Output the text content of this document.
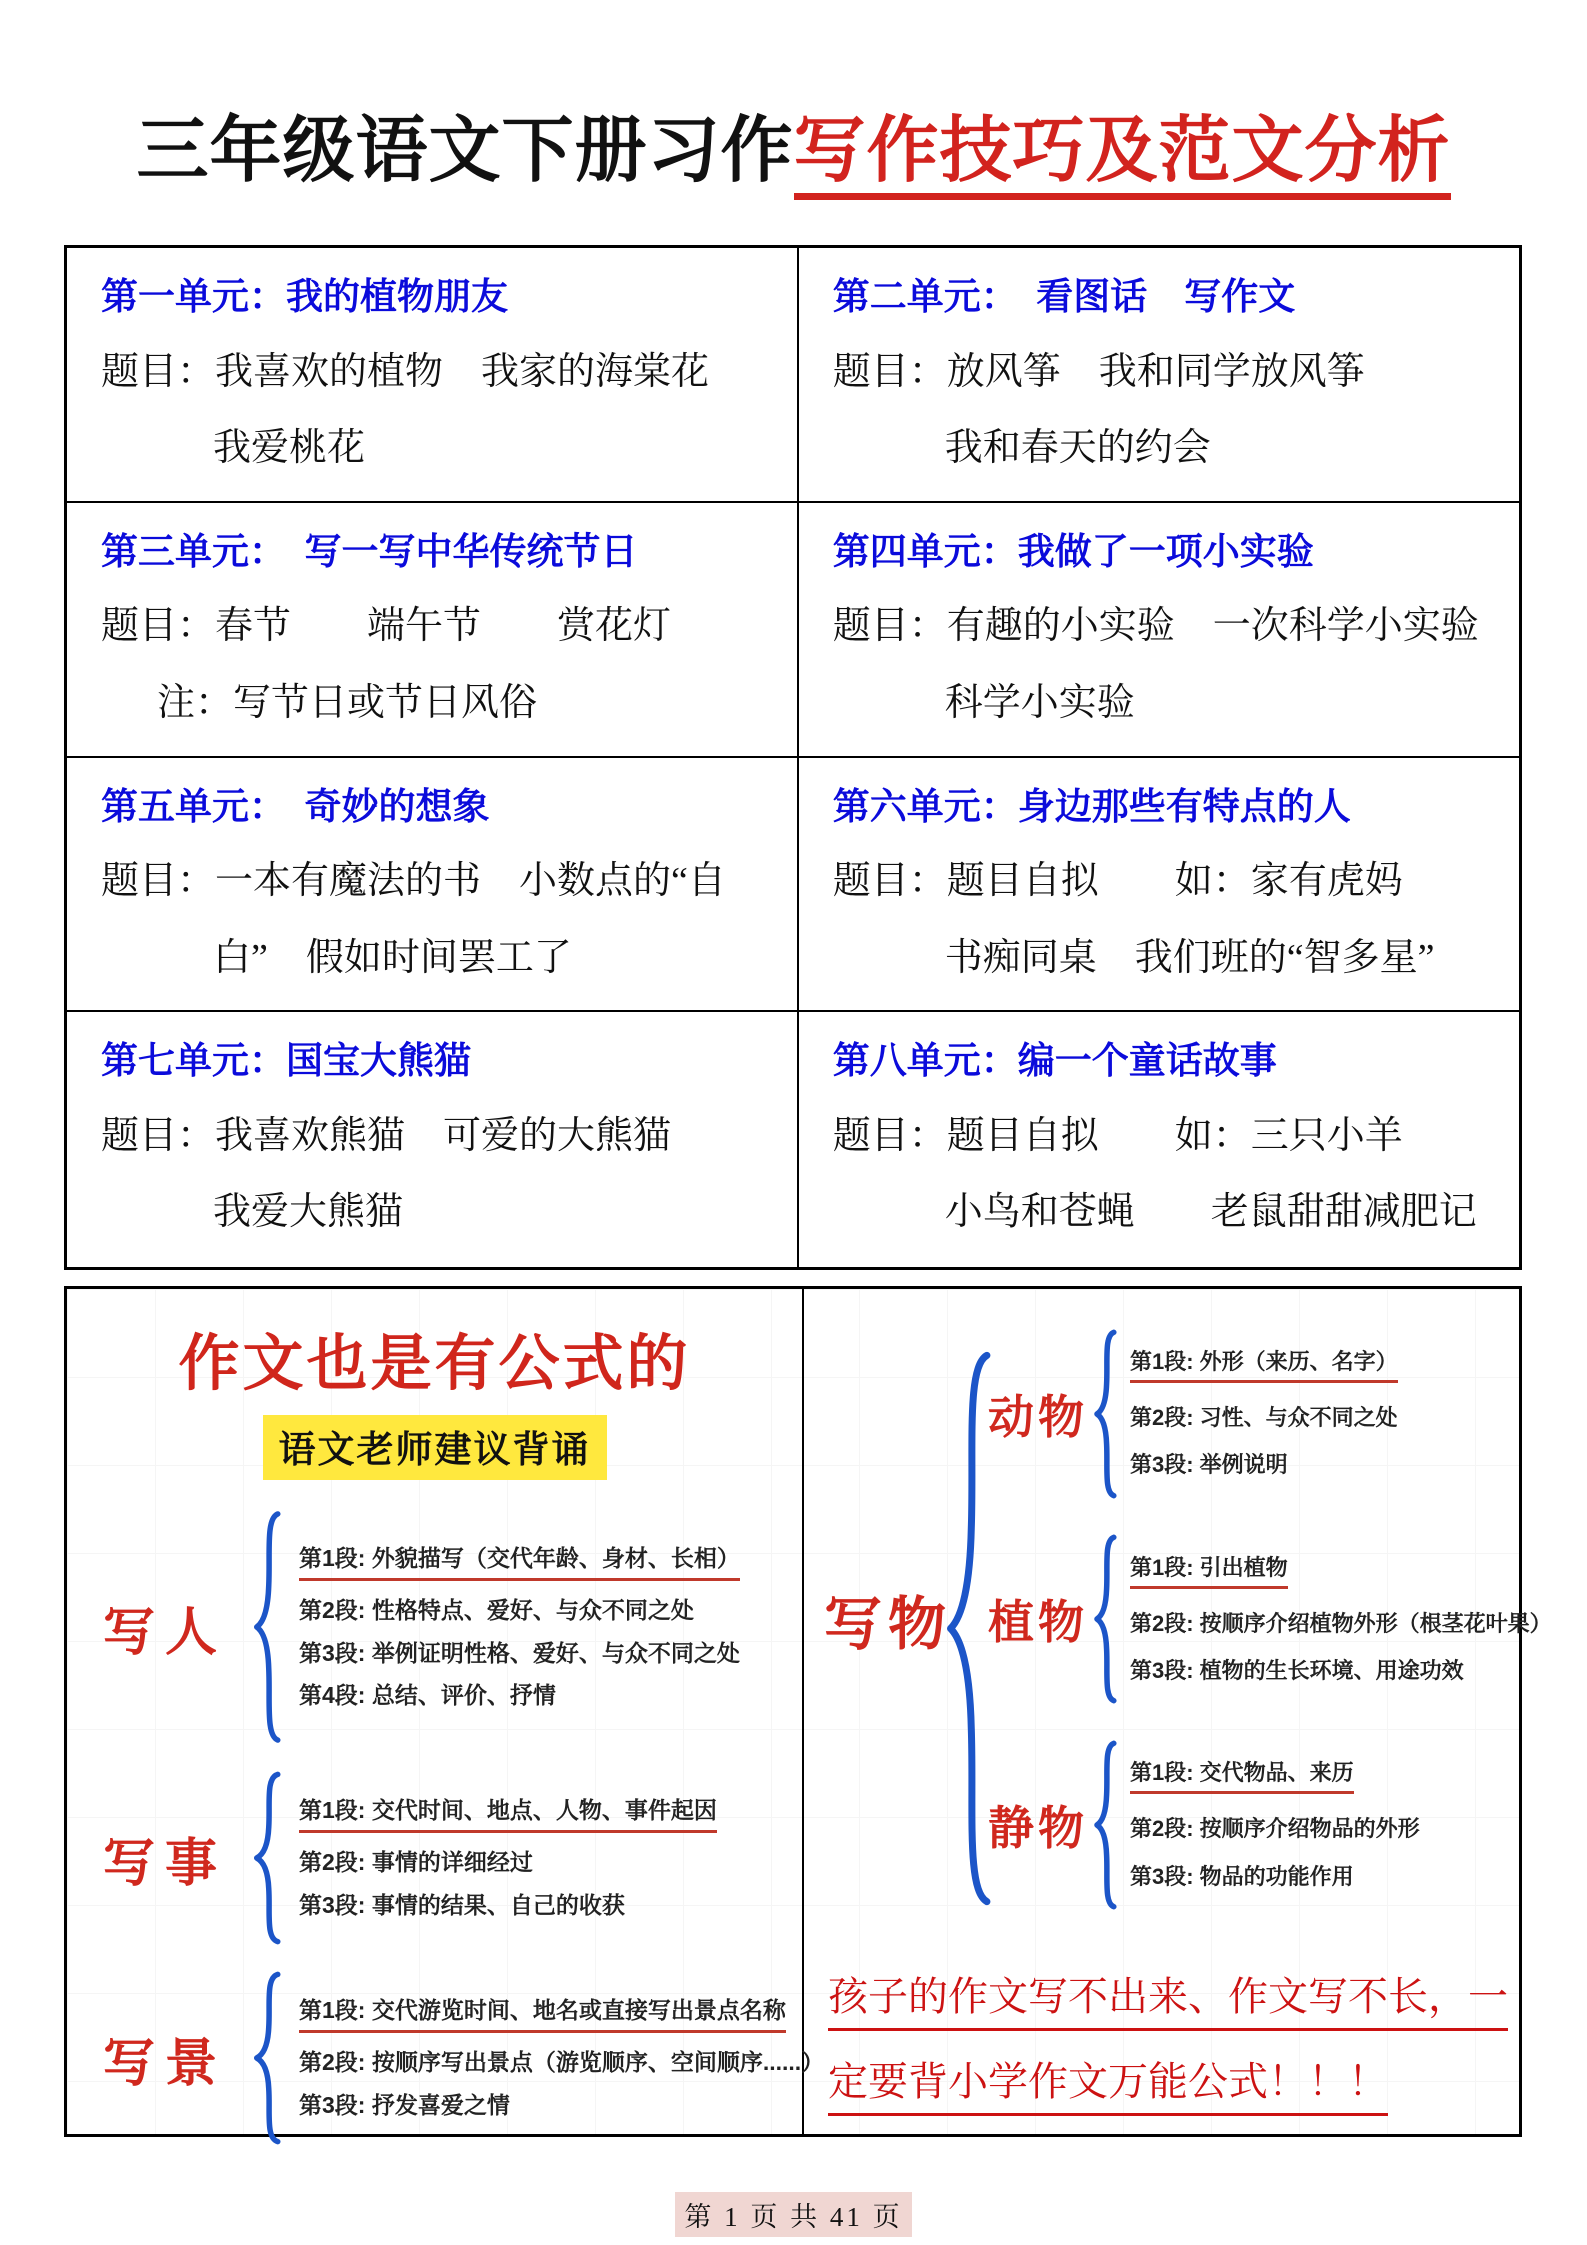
三年级语文下册习作写作技巧及范文分析
第一单元：我的植物朋友
题目：我喜欢的植物　我家的海棠花
我爱桃花
第二单元：　看图话　写作文
题目：放风筝　我和同学放风筝
我和春天的约会
第三单元：　写一写中华传统节日
题目：春节　　端午节　　赏花灯
注：写节日或节日风俗
第四单元：我做了一项小实验
题目：有趣的小实验　一次科学小实验
科学小实验
第五单元：　奇妙的想象
题目：一本有魔法的书　小数点的“自
白”　假如时间罢工了
第六单元：身边那些有特点的人
题目：题目自拟　　如：家有虎妈
书痴同桌　我们班的“智多星”
第七单元：国宝大熊猫
题目：我喜欢熊猫　可爱的大熊猫
我爱大熊猫
第八单元：编一个童话故事
题目：题目自拟　　如：三只小羊
小鸟和苍蝇　　老鼠甜甜减肥记
作文也是有公式的
语文老师建议背诵
写人
第1段: 外貌描写（交代年龄、身材、长相）
第2段: 性格特点、爱好、与众不同之处
第3段: 举例证明性格、爱好、与众不同之处
第4段: 总结、评价、抒情
写事
第1段: 交代时间、地点、人物、事件起因
第2段: 事情的详细经过
第3段: 事情的结果、自己的收获
写景
第1段: 交代游览时间、地名或直接写出景点名称
第2段: 按顺序写出景点（游览顺序、空间顺序......）
第3段: 抒发喜爱之情
写物
动物
第1段: 外形（来历、名字）
第2段: 习性、与众不同之处
第3段: 举例说明
植物
第1段: 引出植物
第2段: 按顺序介绍植物外形（根茎花叶果）
第3段: 植物的生长环境、用途功效
静物
第1段: 交代物品、来历
第2段: 按顺序介绍物品的外形
第3段: 物品的功能作用
孩子的作文写不出来、作文写不长，一
定要背小学作文万能公式！！！
第 1 页 共 41 页
